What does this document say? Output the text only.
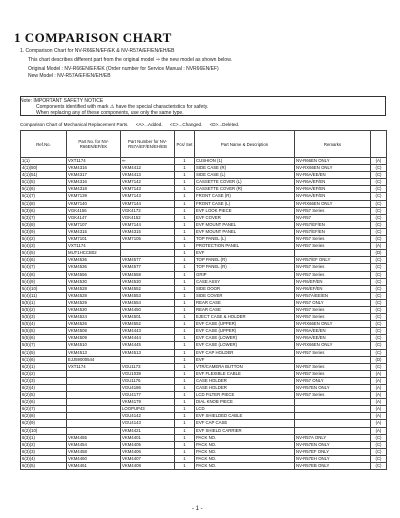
1 COMPARISON CHART
1. Comparison Chart for NV-R66EN/EF/EK & NV-R57A/EF/EN/EH/EB
This chart describes different part from the original model ⇒ the new model as shown below.
Original Model : NV-R66EN/EF/EK (Order number for Service Manual : NVR66EN/EF)
New Model : NV-R57A/EF/EN/EH/EB
Note: IMPORTANT SAFETY NOTICE
Components identified with mark ⚠ have the special characteristics for safety.
When replacing any of these components, use only the same type.
Comparison Chart of Mechanical Replacement Parts. <A>...Added. <C>...Changed. <D>...Deleted.
Ref.No.	Part No. for NV-R66EN/EF/EK	Part Number for NV-R57A/EF/EN/EH/EB	Pcs/ Set	Part Name & Description	Remarks	
1(1)	VXT1174	⇐	1	CUSHION (1)	NV-R66EN ONLY	(A)
4(1)(50)	VKM4316	VKM4412	1	SIDE CASE (R)	NV-RX66EN ONLY	(C)
4(1)(51)	VKM4317	VKM4413	1	SIDE CASE (L)	NV-R6A/EE/EN	(C)
5(1)(5)	VKM4316	VKM7142	1	CASSETTE COVER (L)	NV-R6A/EF/EN	(C)
5(1)(6)	VKM4318	VKM7143	1	CASSETTE COVER (R)	NV-R6A/EF/EN	(C)
5(1)(7)	VKM7139	VKM7143	1	FRONT CASE (R)	NV-R6A/EF/EN	(C)
5(1)(8)	VKM7140	VKM7144	1	FRONT CASE (L)	NV-RX66EN ONLY	(C)
5(3)(6)	VGK4156	VGK4173	1	EVF LOOK PIECE	NV-R57 Series	(C)
5(3)(7)	VGK4147	VGK4152	1	EVF COVER	NV-R57	(C)
5(3)(8)	VKM7107	VKM7144	1	EVF MOUNT PANEL	NV-R57/EF/EN	(C)
5(3)(9)	VKM4315	VKM4315	1	EVF MOUNT PANEL	NV-R57/EF/EN	(C)
5(4)(2)	VKM7101	VKM7105	1	TOP PANEL (L)	NV-R57 Series	(C)
5(4)(3)	VXT1174		1	PROTECTION PANEL	NV-R57 Series	(A)
5(4)(5)	MUT1HCCB02		1	EVF		(D)
5(4)(6)	VKM4536	VKM4577	1	TOP PANEL (R)	NV-R57/EF ONLY	(C)
5(4)(7)	VKM4536	VKM4577	1	TOP PANEL (R)	NV-R57 Series	(C)
5(4)(8)	VKM4556	VKM4558	1	GRIP	NV-R57 Series	(C)
5(4)(9)	VKM4530	VKM4530	1	CASE ASSY	NV-R6/EF/EN	(C)
5(4)(10)	VKM4528	VKM4552	1	SIDE DOOR	NV-R6/EF/EN	(C)
5(4)(11)	VKM4528	VKM4553	1	SIDE COVER	NV-R57A/EE/EN	(C)
5(5)(1)	VKM4529	VKM4554	1	REAR CASE	NV-R57 ONLY	(C)
5(5)(2)	VKM4530	VKM4450	1	REAR CASE	NV-R57 Series	(C)
5(5)(3)	VKM4524	VKM4501	1	EJECT CASE & HOLDER	NV-R57 Series	(C)
5(5)(4)	VKM4526	VKM4552	1	EVF CASE (UPPER)	NV-RX66EN ONLY	(C)
5(5)(5)	VKM4508	VKM4443	1	EVF CASE (UPPER)	NV-R6A/EE/EN	(C)
5(5)(6)	VKM4509	VKM4444	1	EVF CASE (LOWER)	NV-R6A/EE/EN	(C)
5(5)(7)	VKM4510	VKM4445	1	EVF CASE (LOWER)	NV-RX66EN ONLY	(C)
6(1)(5)	VKM4513	VKM4513	1	EVF CAP HOLDER	NV-R57 Series	(C)
6(1)(6)	EJJ59000544		1	EVF		(D)
6(2)(1)	VXT1174	VGU1173	1	VTR/CAMERA BUTTON	NV-R57 Series	(C)
6(2)(2)		VGU1039	1	EVF FLEXIBLE CABLE	NV-R57 Series	(A)
6(2)(3)		VGU1176	1	CASE HOLDER	NV-R57 ONLY	(A)
6(2)(4)		VGU4186	1	CASE HOLDER	NV-R57EN ONLY	(A)
6(2)(5)		VGU4177	1	LCD FILTER PIECE	NV-R57 Series	(A)
6(2)(6)		VKM4179	1	DIAL KNOB PIECE		(A)
6(2)(7)		LOOPUP43	1	LCD		(A)
6(2)(8)		VGU4142	1	EVF SHIELDED CABLE		(A)
6(2)(9)		VGU4143	1	EVF CAP CASE		(A)
6(2)(10)		VKM4421	1	EVF SHIELD CARRIER		(A)
6(3)(1)	VKM4455	VKM4401	1	PACK NO.	NV-R57A ONLY	(C)
6(3)(2)	VKM4454	VKM4405	1	PACK NO.	NV-R57EN ONLY	(C)
6(3)(3)	VKM4458	VKM4406	1	PACK NO.	NV-R57EF ONLY	(C)
6(3)(4)	VKM4460	VKM4407	1	PACK NO.	NV-R57EH ONLY	(C)
6(3)(5)	VKM4461	VKM4408	1	PACK NO.	NV-R57EB ONLY	(C)
- 1 -
